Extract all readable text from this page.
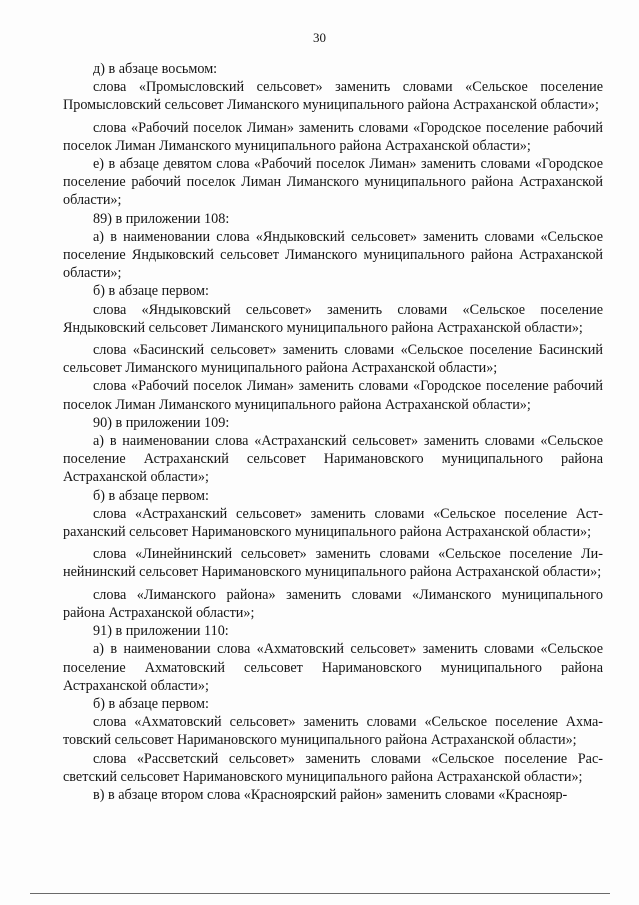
30

д) в абзаце восьмом:

слова «Промысловский сельсовет» заменить словами «Сельское поселение Промысловский сельсовет Лиманского муниципального района Астраханской области»;

слова «Рабочий поселок Лиман» заменить словами «Городское поселение рабочий поселок Лиман Лиманского муниципального района Астраханской области»;

е) в абзаце девятом слова «Рабочий поселок Лиман» заменить словами «Городское поселение рабочий поселок Лиман Лиманского муниципального района Астраханской области»;

89) в приложении 108:

а) в наименовании слова «Яндыковский сельсовет» заменить словами «Сельское поселение Яндыковский сельсовет Лиманского муниципального района Астраханской области»;

б) в абзаце первом:

слова «Яндыковский сельсовет» заменить словами «Сельское поселение Яндыковский сельсовет Лиманского муниципального района Астраханской области»;

слова «Басинский сельсовет» заменить словами «Сельское поселение Басинский сельсовет Лиманского муниципального района Астраханской области»;

слова «Рабочий поселок Лиман» заменить словами «Городское поселение рабочий поселок Лиман Лиманского муниципального района Астраханской области»;

90) в приложении 109:

а) в наименовании слова «Астраханский сельсовет» заменить словами «Сельское поселение Астраханский сельсовет Наримановского муниципального района Астраханской области»;

б) в абзаце первом:

слова «Астраханский сельсовет» заменить словами «Сельское поселение Астраханский сельсовет Наримановского муниципального района Астраханской области»;

слова «Линейнинский сельсовет» заменить словами «Сельское поселение Линейнинский сельсовет Наримановского муниципального района Астраханской области»;

слова «Лиманского района» заменить словами «Лиманского муниципального района Астраханской области»;

91) в приложении 110:

а) в наименовании слова «Ахматовский сельсовет» заменить словами «Сельское поселение Ахматовский сельсовет Наримановского муниципального района Астраханской области»;

б) в абзаце первом:

слова «Ахматовский сельсовет» заменить словами «Сельское поселение Ахматовский сельсовет Наримановского муниципального района Астраханской области»;

слова «Рассветский сельсовет» заменить словами «Сельское поселение Рассветский сельсовет Наримановского муниципального района Астраханской области»;

в) в абзаце втором слова «Красноярский район» заменить словами «Краснояр-
